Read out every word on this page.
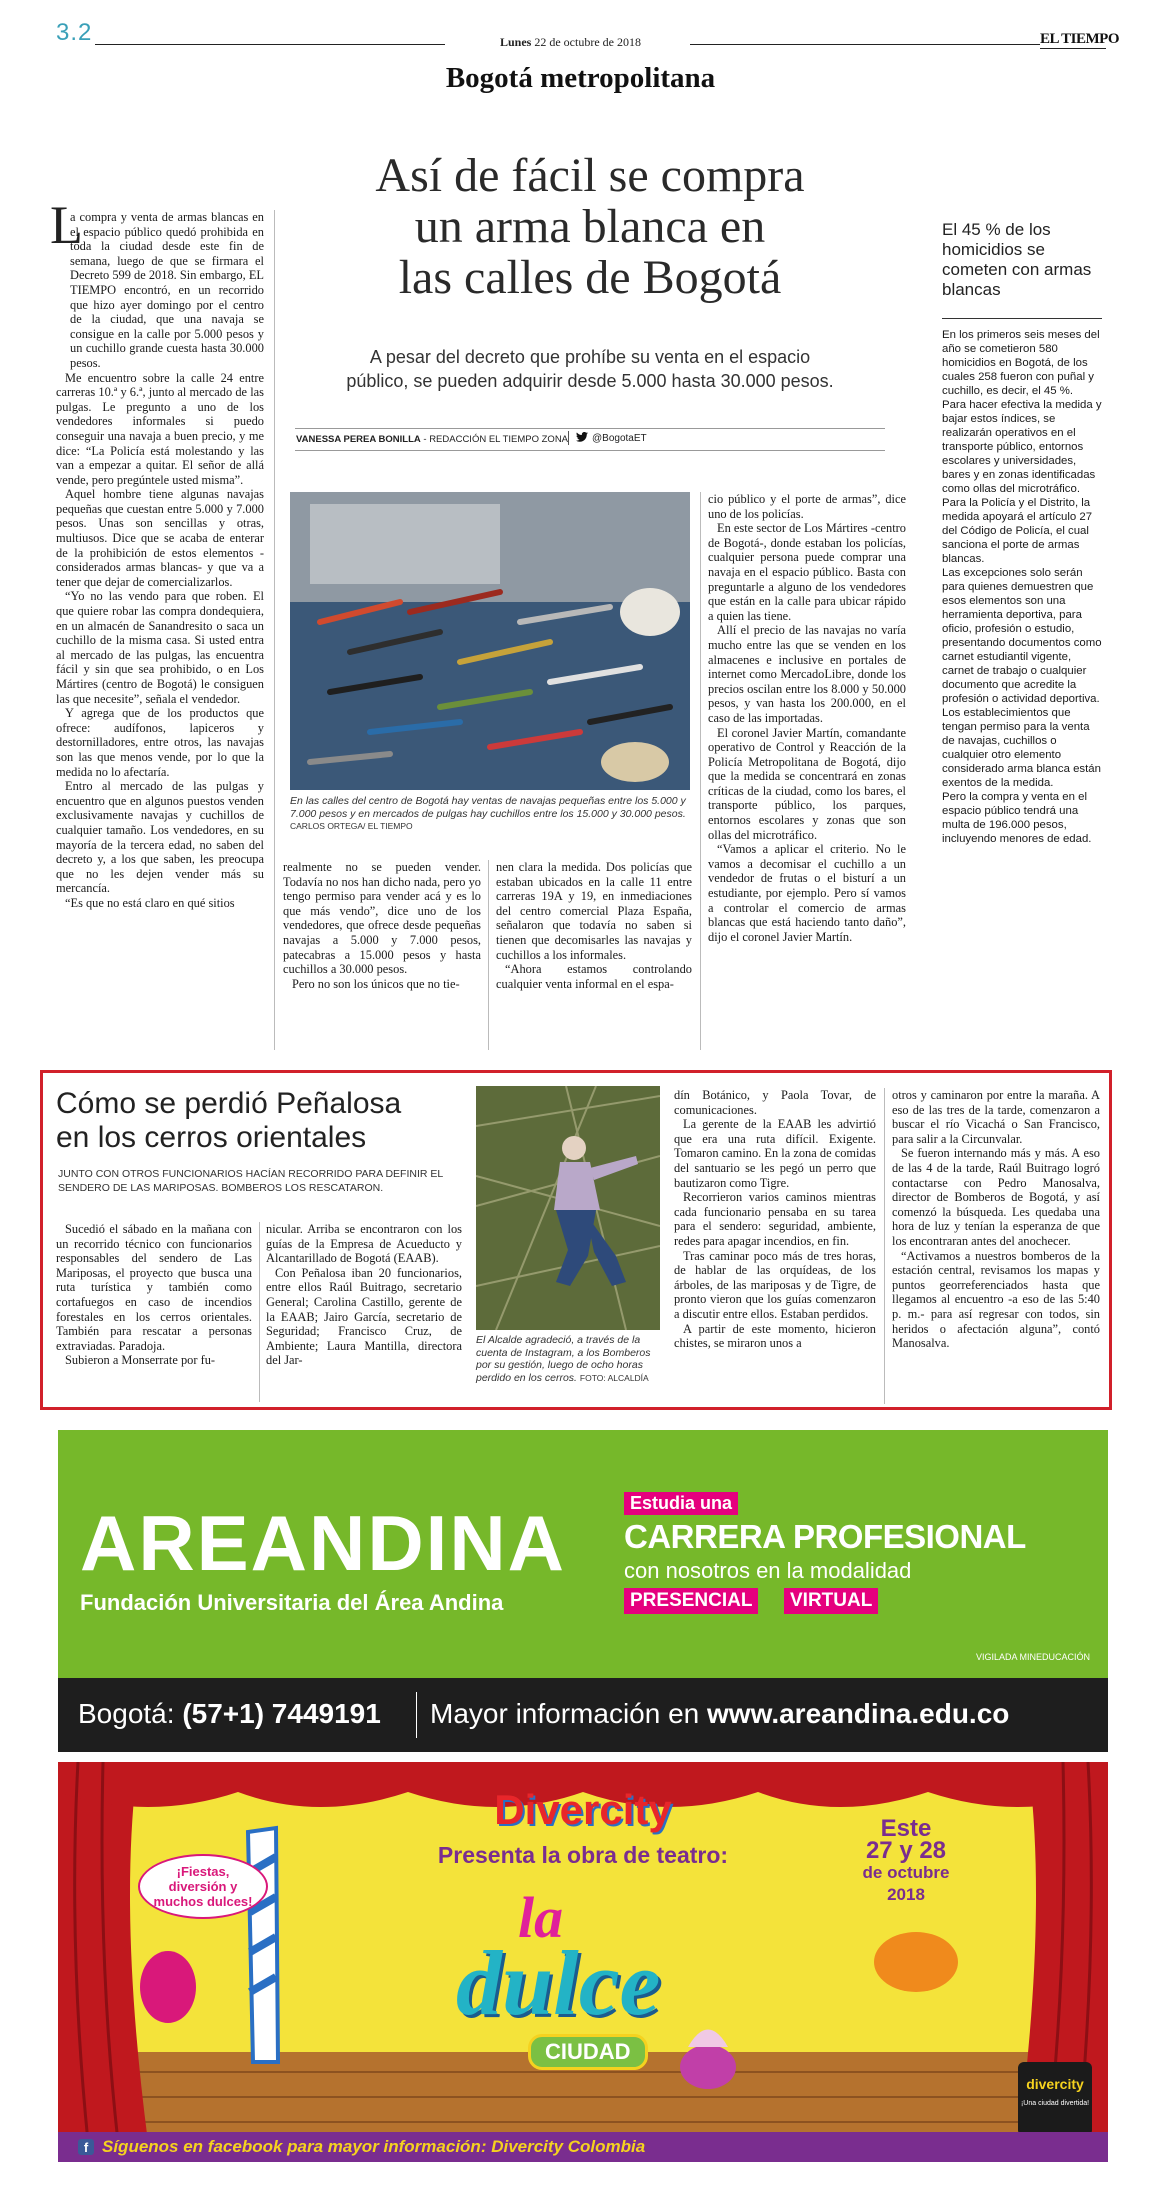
3.2	Lunes 22 de octubre de 2018	EL TIEMPO
Bogotá metropolitana
Así de fácil se compra
un arma blanca en
las calles de Bogotá
A pesar del decreto que prohíbe su venta en el espacio
público, se pueden adquirir desde 5.000 hasta 30.000 pesos.
VANESSA PEREA BONILLA - REDACCIÓN EL TIEMPO ZONA @BogotaET
L

a compra y venta de armas blancas en el espacio público quedó prohibida en toda la ciudad desde este fin de semana, luego de que se firmara el Decreto 599 de 2018. Sin embargo, EL TIEMPO encontró, en un recorrido que hizo ayer domingo por el centro de la ciudad, que una navaja se consigue en la calle por 5.000 pesos y un cuchillo grande cuesta hasta 30.000 pesos.

Me encuentro sobre la calle 24 entre carreras 10.ª y 6.ª, junto al mercado de las pulgas. Le pregunto a uno de los vendedores informales si puedo conseguir una navaja a buen precio, y me dice: “La Policía está molestando y las van a empezar a quitar. El señor de allá vende, pero pregúntele usted misma”.

Aquel hombre tiene algunas navajas pequeñas que cuestan entre 5.000 y 7.000 pesos. Unas son sencillas y otras, multiusos. Dice que se acaba de enterar de la prohibición de estos elementos -considerados armas blancas- y que va a tener que dejar de comercializarlos.

“Yo no las vendo para que roben. El que quiere robar las compra dondequiera, en un almacén de Sanandresito o saca un cuchillo de la misma casa. Si usted entra al mercado de las pulgas, las encuentra fácil y sin que sea prohibido, o en Los Mártires (centro de Bogotá) le consiguen las que necesite”, señala el vendedor.

Y agrega que de los productos que ofrece: audífonos, lapiceros y destornilladores, entre otros, las navajas son las que menos vende, por lo que la medida no lo afectaría.

Entro al mercado de las pulgas y encuentro que en algunos puestos venden exclusivamente navajas y cuchillos de cualquier tamaño. Los vendedores, en su mayoría de la tercera edad, no saben del decreto y, a los que saben, les preocupa que no les dejen vender más su mercancía.

“Es que no está claro en qué sitios

En las calles del centro de Bogotá hay ventas de navajas pequeñas entre los 5.000 y 7.000 pesos y en mercados de pulgas hay cuchillos entre los 15.000 y 30.000 pesos. CARLOS ORTEGA/ EL TIEMPO

realmente no se pueden vender. Todavía no nos han dicho nada, pero yo tengo permiso para vender acá y es lo que más vendo”, dice uno de los vendedores, que ofrece desde pequeñas navajas a 5.000 y 7.000 pesos, patecabras a 15.000 pesos y hasta cuchillos a 30.000 pesos.

Pero no son los únicos que no tie-

nen clara la medida. Dos policías que estaban ubicados en la calle 11 entre carreras 19A y 19, en inmediaciones del centro comercial Plaza España, señalaron que todavía no saben si tienen que decomisarles las navajas y cuchillos a los informales.

“Ahora estamos controlando cualquier venta informal en el espa-

cio público y el porte de armas”, dice uno de los policías.

En este sector de Los Mártires -centro de Bogotá-, donde estaban los policías, cualquier persona puede comprar una navaja en el espacio público. Basta con preguntarle a alguno de los vendedores que están en la calle para ubicar rápido a quien las tiene.

Allí el precio de las navajas no varía mucho entre las que se venden en los almacenes e inclusive en portales de internet como MercadoLibre, donde los precios oscilan entre los 8.000 y 50.000 pesos, y van hasta los 200.000, en el caso de las importadas.

El coronel Javier Martín, comandante operativo de Control y Reacción de la Policía Metropolitana de Bogotá, dijo que la medida se concentrará en zonas críticas de la ciudad, como los bares, el transporte público, los parques, entornos escolares y zonas que son ollas del microtráfico.

“Vamos a aplicar el criterio. No le vamos a decomisar el cuchillo a un vendedor de frutas o el bisturí a un estudiante, por ejemplo. Pero sí vamos a controlar el comercio de armas blancas que está haciendo tanto daño”, dijo el coronel Javier Martín.

El 45 % de los homicidios se cometen con armas blancas

En los primeros seis meses del año se cometieron 580 homicidios en Bogotá, de los cuales 258 fueron con puñal y cuchillo, es decir, el 45 %.

Para hacer efectiva la medida y bajar estos índices, se realizarán operativos en el transporte público, entornos escolares y universidades, bares y en zonas identificadas como ollas del microtráfico. Para la Policía y el Distrito, la medida apoyará el artículo 27 del Código de Policía, el cual sanciona el porte de armas blancas.

Las excepciones solo serán para quienes demuestren que esos elementos son una herramienta deportiva, para oficio, profesión o estudio, presentando documentos como carnet estudiantil vigente, carnet de trabajo o cualquier documento que acredite la profesión o actividad deportiva.

Los establecimientos que tengan permiso para la venta de navajas, cuchillos o cualquier otro elemento considerado arma blanca están exentos de la medida.

Pero la compra y venta en el espacio público tendrá una multa de 196.000 pesos, incluyendo menores de edad.

Cómo se perdió Peñalosa
en los cerros orientales
JUNTO CON OTROS FUNCIONARIOS HACÍAN RECORRIDO PARA DEFINIR EL SENDERO DE LAS MARIPOSAS. BOMBEROS LOS RESCATARON.

Sucedió el sábado en la mañana con un recorrido técnico con funcionarios responsables del sendero de Las Mariposas, el proyecto que busca una ruta turística y también como cortafuegos en caso de incendios forestales en los cerros orientales. También para rescatar a personas extraviadas. Paradoja.

Subieron a Monserrate por fu-

nicular. Arriba se encontraron con los guías de la Empresa de Acueducto y Alcantarillado de Bogotá (EAAB).

Con Peñalosa iban 20 funcionarios, entre ellos Raúl Buitrago, secretario General; Carolina Castillo, gerente de la EAAB; Jairo García, secretario de Seguridad; Francisco Cruz, de Ambiente; Laura Mantilla, directora del Jar-

El Alcalde agradeció, a través de la cuenta de Instagram, a los Bomberos por su gestión, luego de ocho horas perdido en los cerros. FOTO: ALCALDÍA

dín Botánico, y Paola Tovar, de comunicaciones.

La gerente de la EAAB les advirtió que era una ruta difícil. Exigente. Tomaron camino. En la zona de comidas del santuario se les pegó un perro que bautizaron como Tigre.

Recorrieron varios caminos mientras cada funcionario pensaba en su tarea para el sendero: seguridad, ambiente, redes para apagar incendios, en fin.

Tras caminar poco más de tres horas, de hablar de las orquídeas, de los árboles, de las mariposas y de Tigre, de pronto vieron que los guías comenzaron a discutir entre ellos. Estaban perdidos.

A partir de este momento, hicieron chistes, se miraron unos a

otros y caminaron por entre la maraña. A eso de las tres de la tarde, comenzaron a buscar el río Vicachá o San Francisco, para salir a la Circunvalar.

Se fueron internando más y más. A eso de las 4 de la tarde, Raúl Buitrago logró contactarse con Pedro Manosalva, director de Bomberos de Bogotá, y así comenzó la búsqueda. Les quedaba una hora de luz y tenían la esperanza de que los encontraran antes del anochecer.

“Activamos a nuestros bomberos de la estación central, revisamos los mapas y puntos georreferenciados hasta que llegamos al encuentro -a eso de las 5:40 p. m.- para así regresar con todos, sin heridos o afectación alguna”, contó Manosalva.

AREANDINA
Fundación Universitaria del Área Andina
Estudia una
CARRERA PROFESIONAL
con nosotros en la modalidad
PRESENCIAL	VIRTUAL
VIGILADA MINEDUCACIÓN
Bogotá: (57+1) 7449191 Mayor información en www.areandina.edu.co
Divercity
Presenta la obra de teatro:
¡Fiestas, diversión y muchos dulces!
Este
27 y 28
de octubre
2018
la
dulce
CIUDAD
divercity
¡Una ciudad divertida!
f Síguenos en facebook para mayor información: Divercity Colombia
